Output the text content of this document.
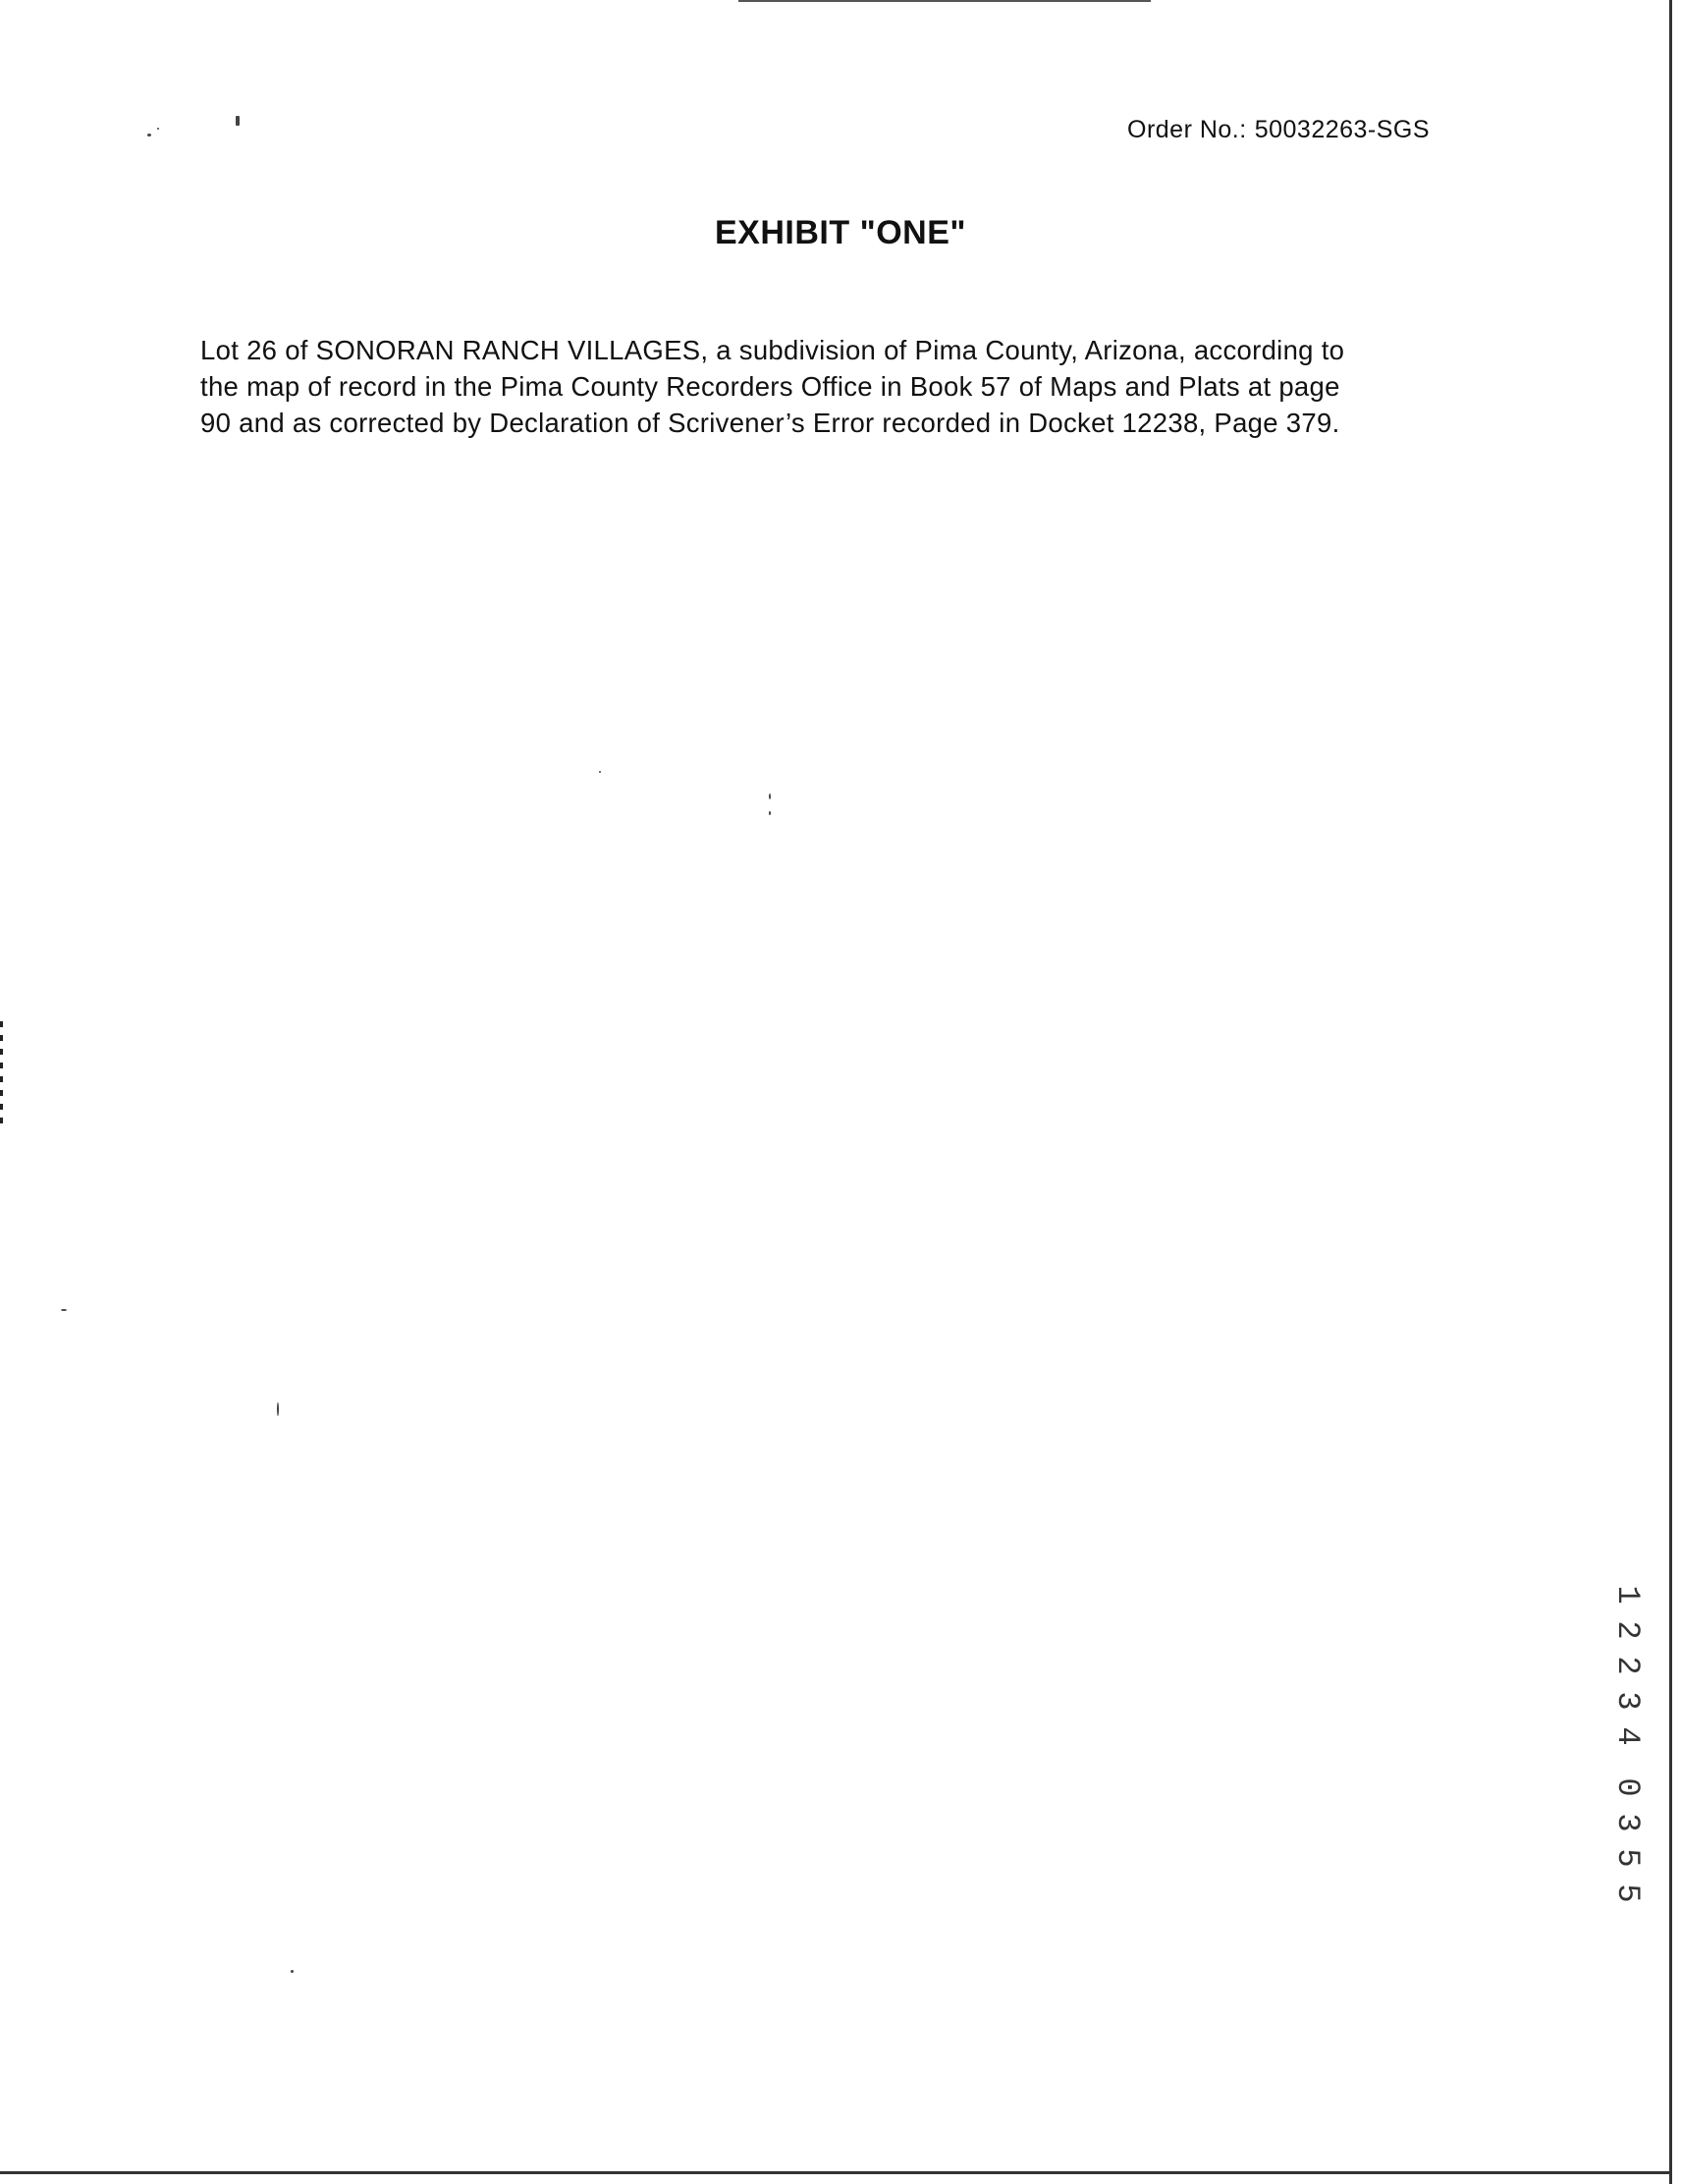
Order No.: 50032263-SGS
EXHIBIT "ONE"
Lot 26 of SONORAN RANCH VILLAGES, a subdivision of Pima County, Arizona, according to
the map of record in the Pima County Recorders Office in Book 57 of Maps and Plats at page
90 and as corrected by Declaration of Scrivener’s Error recorded in Docket 12238, Page 379.
1
2
2
3
4
0
3
5
5
